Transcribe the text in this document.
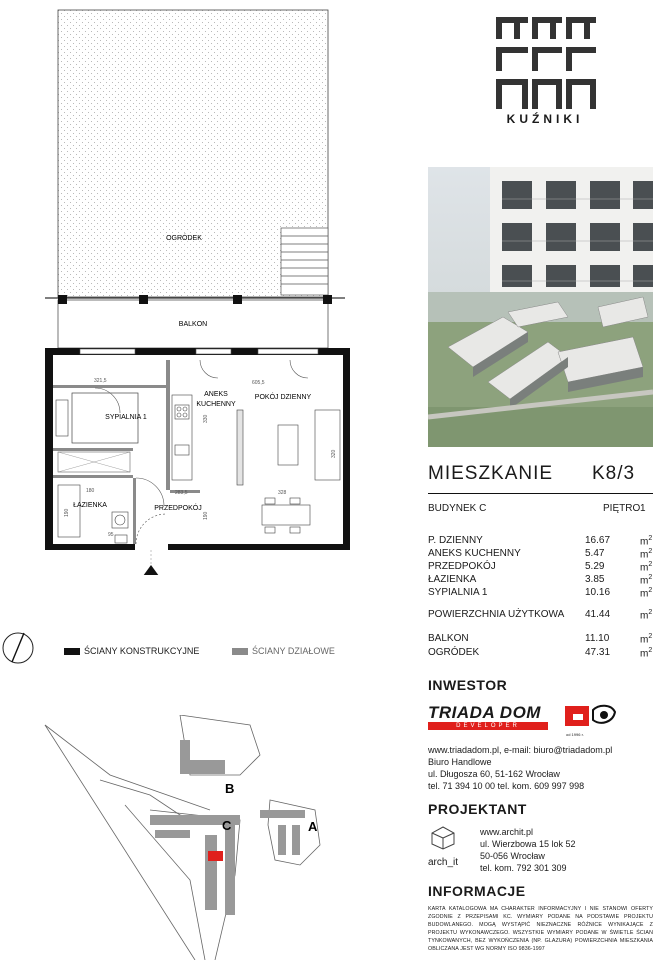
OGRÓDEK
BALKON
SYPIALNIA 1
ANEKS
KUCHENNY
POKÓJ DZIENNY
ŁAZIENKA	PRZEDPOKÓJ
321,5	605,5
330
283,5	328
320
190
180
190
95
ŚCIANY KONSTRUKCYJNE	ŚCIANY DZIAŁOWE
B
C	A
KUŹNIKI
MIESZKANIE K8/3
BUDYNEK C	PIĘTRO 1
P. DZIENNY	16.67	$m^2$
ANEKS KUCHENNY	5.47	$m^2$
PRZEDPOKÓJ	5.29	$m^2$
ŁAZIENKA	3.85	$m^2$
SYPIALNIA 1	10.16	$m^2$
POWIERZCHNIA UŻYTKOWA 41.44	$m^2$
BALKON	11.10	$m^2$
OGRÓDEK	47.31	$m^2$
INWESTOR
TRIADA DOM
DEVELOPER
od 1996 r.
www.triadadom.pl, e-mail: biuro@triadadom.pl
Biuro Handlowe
ul. Długosza 60, 51-162 Wrocław
tel. 71 394 10 00 tel. kom. 609 997 998
PROJEKTANT
arch_it
www.archit.pl
ul. Wierzbowa 15 lok 52
50-056 Wrocław
tel. kom. 792 301 309
INFORMACJE
KARTA KATALOGOWA MA CHARAKTER INFORMACYJNY I NIE STANOWI OFERTY ZGODNIE Z PRZEPISAMI KC. WYMIARY PODANE NA PODSTAWIE PROJEKTU BUDOWLANEGO. MOGĄ WYSTĄPIĆ NIEZNACZNE RÓŻNICE WYNIKAJĄCE Z PROJEKTU WYKONAWCZEGO. WSZYSTKIE WYMIARY PODANE W ŚWIETLE ŚCIAN TYNKOWANYCH, BEZ WYKOŃCZENIA (NP. GLAZURA) POWIERZCHNIA MIESZKANIA OBLICZANA JEST WG NORMY ISO 9836-1997
